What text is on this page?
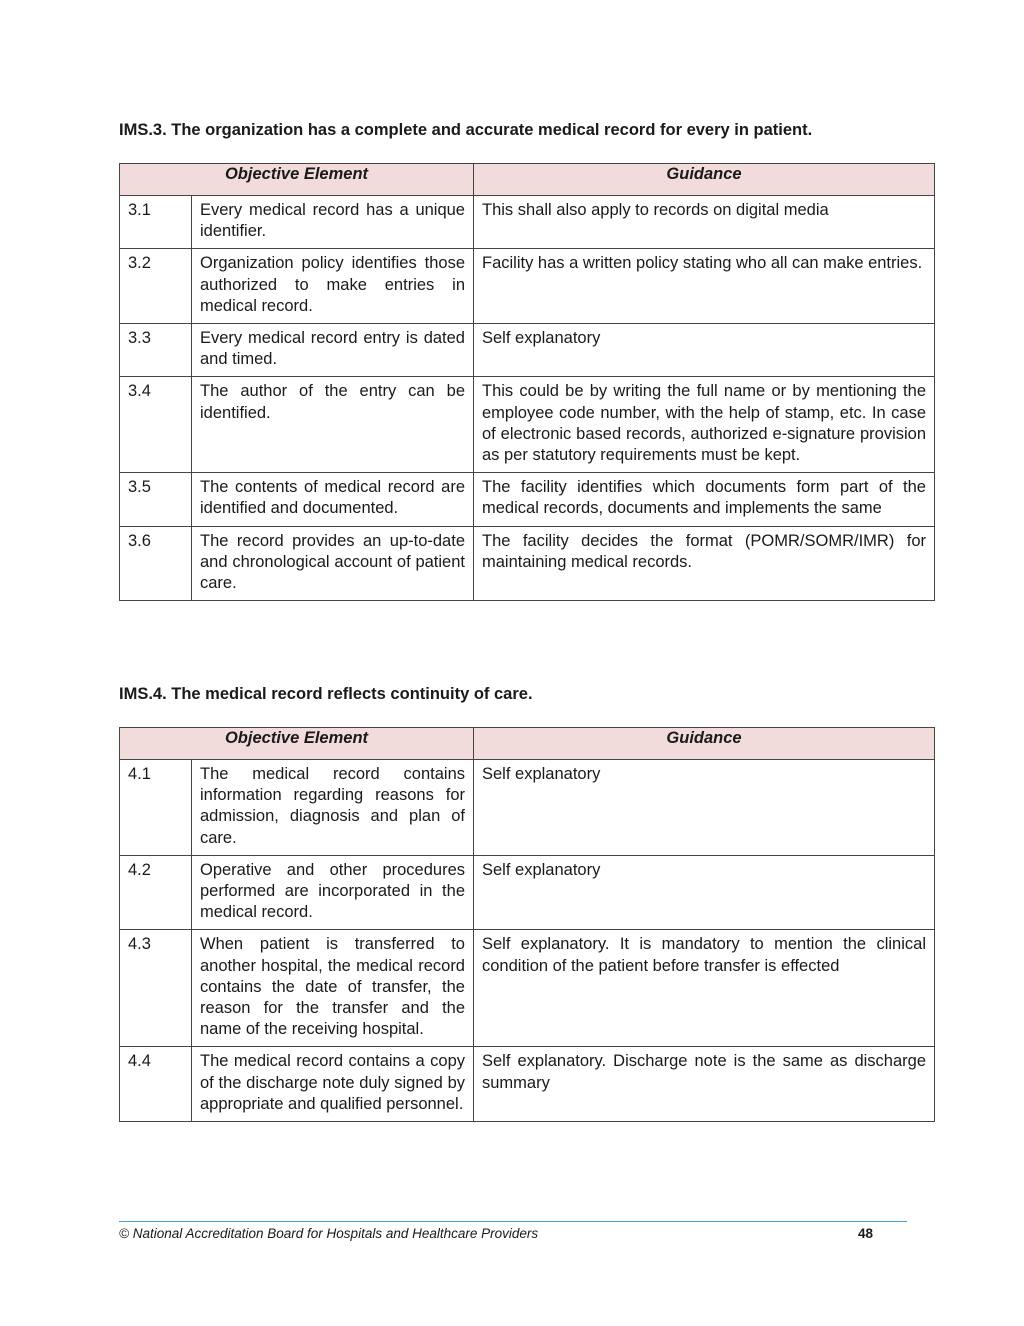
IMS.3. The organization has a complete and accurate medical record for every in patient.
Objective Element		Guidance
3.1	Every medical record has a unique identifier.	This shall also apply to records on digital media
3.2	Organization policy identifies those authorized to make entries in medical record.	Facility has a written policy stating who all can make entries.
3.3	Every medical record entry is dated and timed.	Self explanatory
3.4	The author of the entry can be identified.	This could be by writing the full name or by mentioning the employee code number, with the help of stamp, etc. In case of electronic based records, authorized e-signature provision as per statutory requirements must be kept.
3.5	The contents of medical record are identified and documented.	The facility identifies which documents form part of the medical records, documents and implements the same
3.6	The record provides an up-to-date and chronological account of patient care.	The facility decides the format (POMR/SOMR/IMR) for maintaining medical records.
IMS.4. The medical record reflects continuity of care.
Objective Element		Guidance
4.1	The medical record contains information regarding reasons for admission, diagnosis and plan of care.	Self explanatory
4.2	Operative and other procedures performed are incorporated in the medical record.	Self explanatory
4.3	When patient is transferred to another hospital, the medical record contains the date of transfer, the reason for the transfer and the name of the receiving hospital.	Self explanatory. It is mandatory to mention the clinical condition of the patient before transfer is effected
4.4	The medical record contains a copy of the discharge note duly signed by appropriate and qualified personnel.	Self explanatory. Discharge note is the same as discharge summary
© National Accreditation Board for Hospitals and Healthcare Providers	48
